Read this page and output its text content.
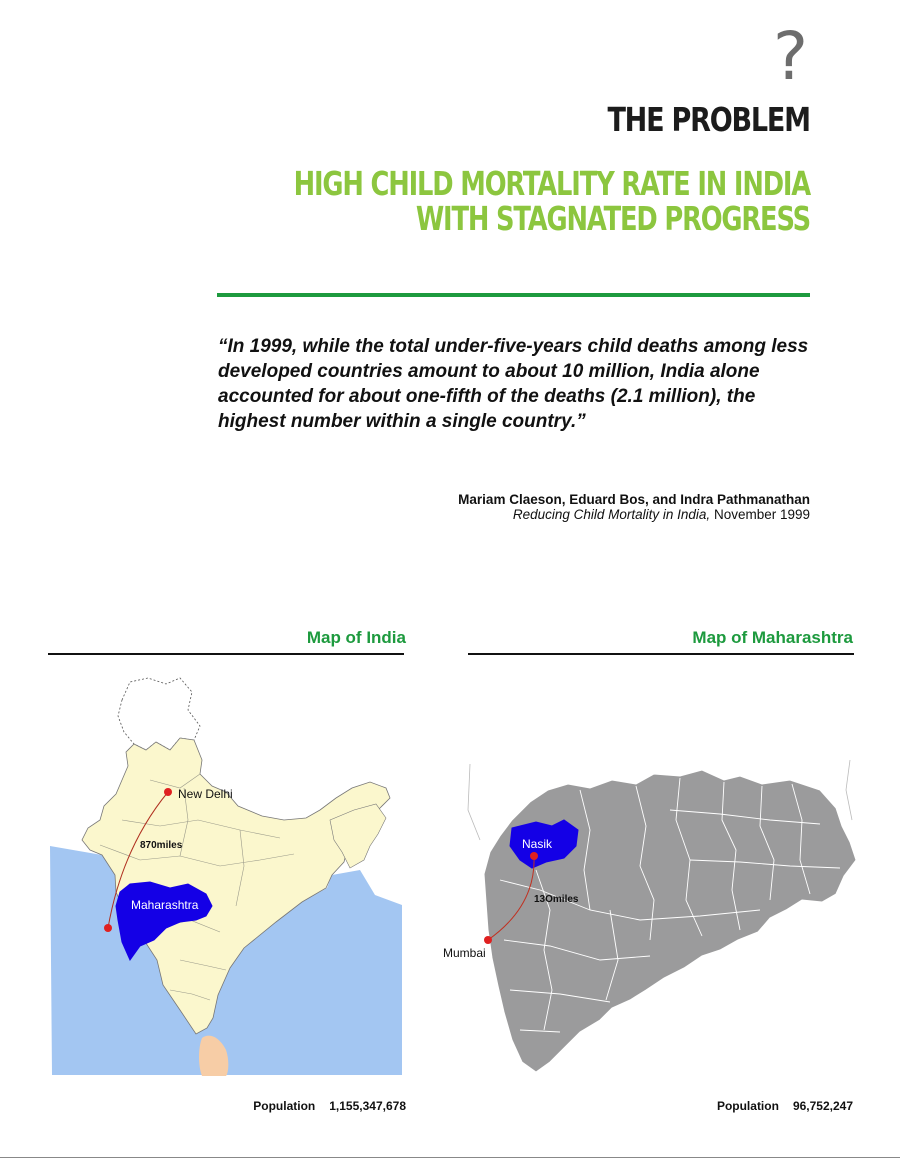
?
THE PROBLEM
HIGH CHILD MORTALITY RATE IN INDIA
WITH STAGNATED PROGRESS
“In 1999, while the total under-five-years child deaths among less developed countries amount to about 10 million, India alone accounted for about one-fifth of the deaths (2.1 million), the highest number within a single country.”
Mariam Claeson, Eduard Bos, and Indra Pathmanathan
Reducing Child Mortality in India, November 1999
Map of India
New Delhi
870miles
Maharashtra
Population 1,155,347,678
Map of Maharashtra
Nasik
13Omiles
Mumbai
Population 96,752,247
